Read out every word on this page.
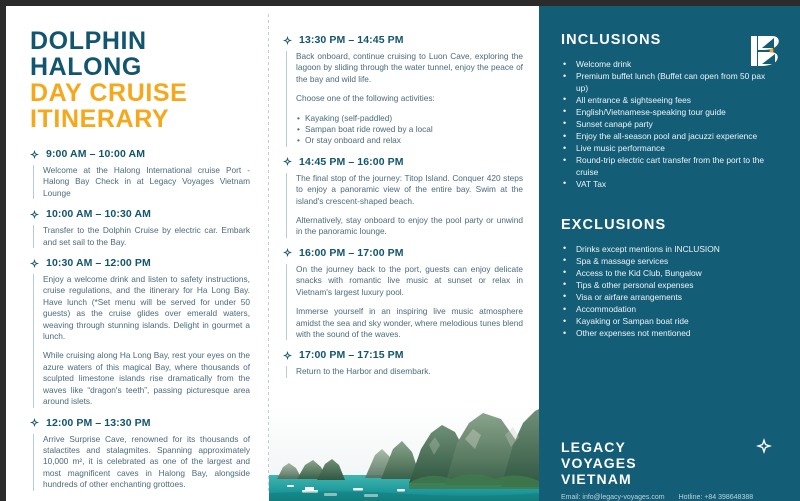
DOLPHIN
HALONG
DAY CRUISE
ITINERARY
9:00 AM – 10:00 AM

Welcome at the Halong International cruise Port - Halong Bay Check in at Legacy Voyages Vietnam Lounge

10:00 AM – 10:30 AM

Transfer to the Dolphin Cruise by electric car. Embark and set sail to the Bay.

10:30 AM – 12:00 PM

Enjoy a welcome drink and listen to safety instructions, cruise regulations, and the itinerary for Ha Long Bay. Have lunch (*Set menu will be served for under 50 guests) as the cruise glides over emerald waters, weaving through stunning islands. Delight in gourmet a lunch.

While cruising along Ha Long Bay, rest your eyes on the azure waters of this magical Bay, where thousands of sculpted limestone islands rise dramatically from the waves like “dragon's teeth”, passing picturesque area around islets.

12:00 PM – 13:30 PM

Arrive Surprise Cave, renowned for its thousands of stalactites and stalagmites. Spanning approximately 10,000 m², it is celebrated as one of the largest and most magnificent caves in Halong Bay, alongside hundreds of other enchanting grottoes.

13:30 PM – 14:45 PM

Back onboard, continue cruising to Luon Cave, exploring the lagoon by sliding through the water tunnel, enjoy the peace of the bay and wild life.

Choose one of the following activities:

• Kayaking (self-paddled)
• Sampan boat ride rowed by a local
• Or stay onboard and relax
14:45 PM – 16:00 PM

The final stop of the journey: Titop Island. Conquer 420 steps to enjoy a panoramic view of the entire bay. Swim at the island's crescent-shaped beach.

Alternatively, stay onboard to enjoy the pool party or unwind in the panoramic lounge.

16:00 PM – 17:00 PM

On the journey back to the port, guests can enjoy delicate snacks with romantic live music at sunset or relax in Vietnam's largest luxury pool.

Immerse yourself in an inspiring live music atmosphere amidst the sea and sky wonder, where melodious tunes blend with the sound of the waves.

17:00 PM – 17:15 PM

Return to the Harbor and disembark.

INCLUSIONS
• Welcome drink
• Premium buffet lunch (Buffet can open from 50 pax up)
• All entrance & sightseeing fees
• English/Vietnamese-speaking tour guide
• Sunset canapé party
• Enjoy the all-season pool and jacuzzi experience
• Live music performance
• Round-trip electric cart transfer from the port to the cruise
• VAT Tax
EXCLUSIONS
• Drinks except mentions in INCLUSION
• Spa & massage services
• Access to the Kid Club, Bungalow
• Tips & other personal expenses
• Visa or airfare arrangements
• Accommodation
• Kayaking or Sampan boat ride
• Other expenses not mentioned
LEGACY
VOYAGES
VIETNAM
Email: info@legacy-voyages.com Hotline: +84 398648388
